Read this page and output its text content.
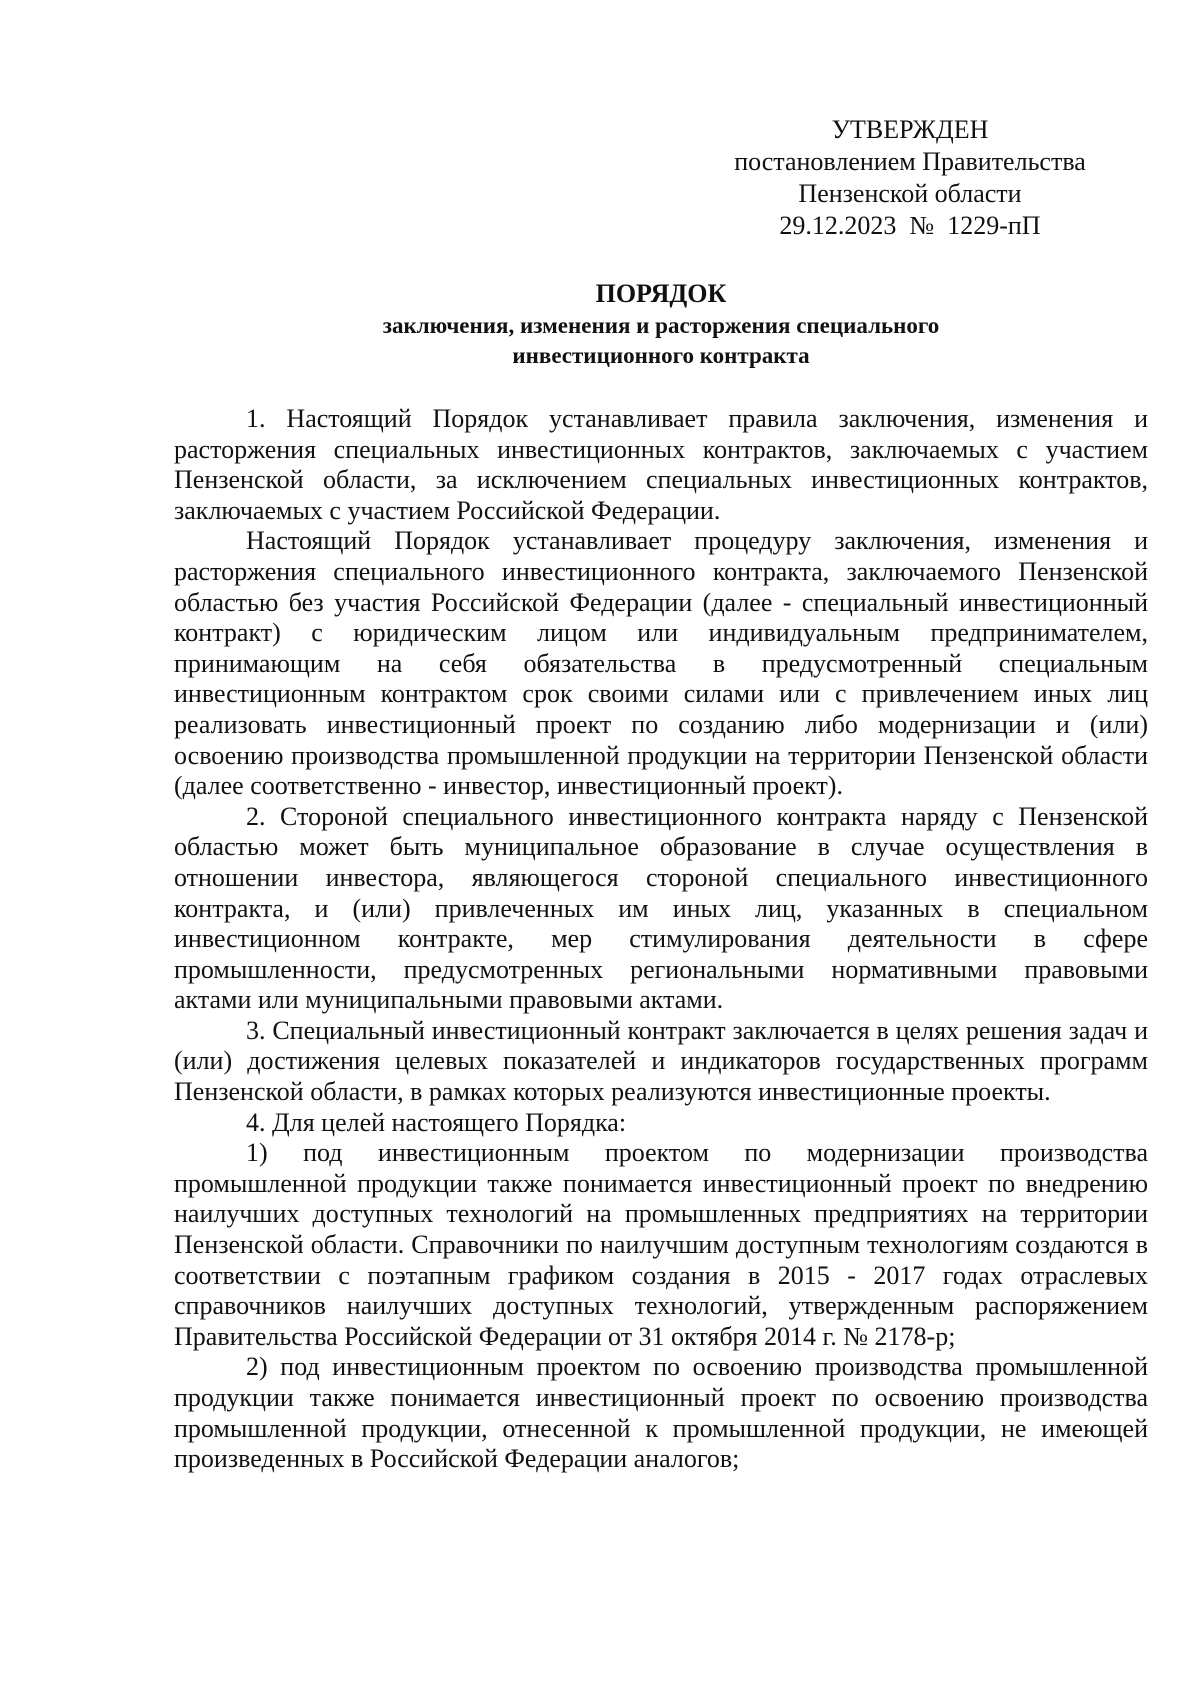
УТВЕРЖДЕН
постановлением Правительства
Пензенской области
29.12.2023  №  1229-пП
ПОРЯДОК
заключения, изменения и расторжения специального
инвестиционного контракта

1. Настоящий Порядок устанавливает правила заключения, изменения и расторжения специальных инвестиционных контрактов, заключаемых с участием Пензенской области, за исключением специальных инвестиционных контрактов, заключаемых с участием Российской Федерации.

Настоящий Порядок устанавливает процедуру заключения, изменения и расторжения специального инвестиционного контракта, заключаемого Пензенской областью без участия Российской Федерации (далее - специальный инвестиционный контракт) с юридическим лицом или индивидуальным предпринимателем, принимающим на себя обязательства в предусмотренный специальным инвестиционным контрактом срок своими силами или с привлечением иных лиц реализовать инвестиционный проект по созданию либо модернизации и (или) освоению производства промышленной продукции на территории Пензенской области (далее соответственно - инвестор, инвестиционный проект).

2. Стороной специального инвестиционного контракта наряду с Пензенской областью может быть муниципальное образование в случае осуществления в отношении инвестора, являющегося стороной специального инвестиционного контракта, и (или) привлеченных им иных лиц, указанных в специальном инвестиционном контракте, мер стимулирования деятельности в сфере промышленности, предусмотренных региональными нормативными правовыми актами или муниципальными правовыми актами.

3. Специальный инвестиционный контракт заключается в целях решения задач и (или) достижения целевых показателей и индикаторов государственных программ Пензенской области, в рамках которых реализуются инвестиционные проекты.

4. Для целей настоящего Порядка:

1) под инвестиционным проектом по модернизации производства промышленной продукции также понимается инвестиционный проект по внедрению наилучших доступных технологий на промышленных предприятиях на территории Пензенской области. Справочники по наилучшим доступным технологиям создаются в соответствии с поэтапным графиком создания в 2015 - 2017 годах отраслевых справочников наилучших доступных технологий, утвержденным распоряжением Правительства Российской Федерации от 31 октября 2014 г. № 2178-р;

2) под инвестиционным проектом по освоению производства промышленной продукции также понимается инвестиционный проект по освоению производства промышленной продукции, отнесенной к промышленной продукции, не имеющей произведенных в Российской Федерации аналогов;
